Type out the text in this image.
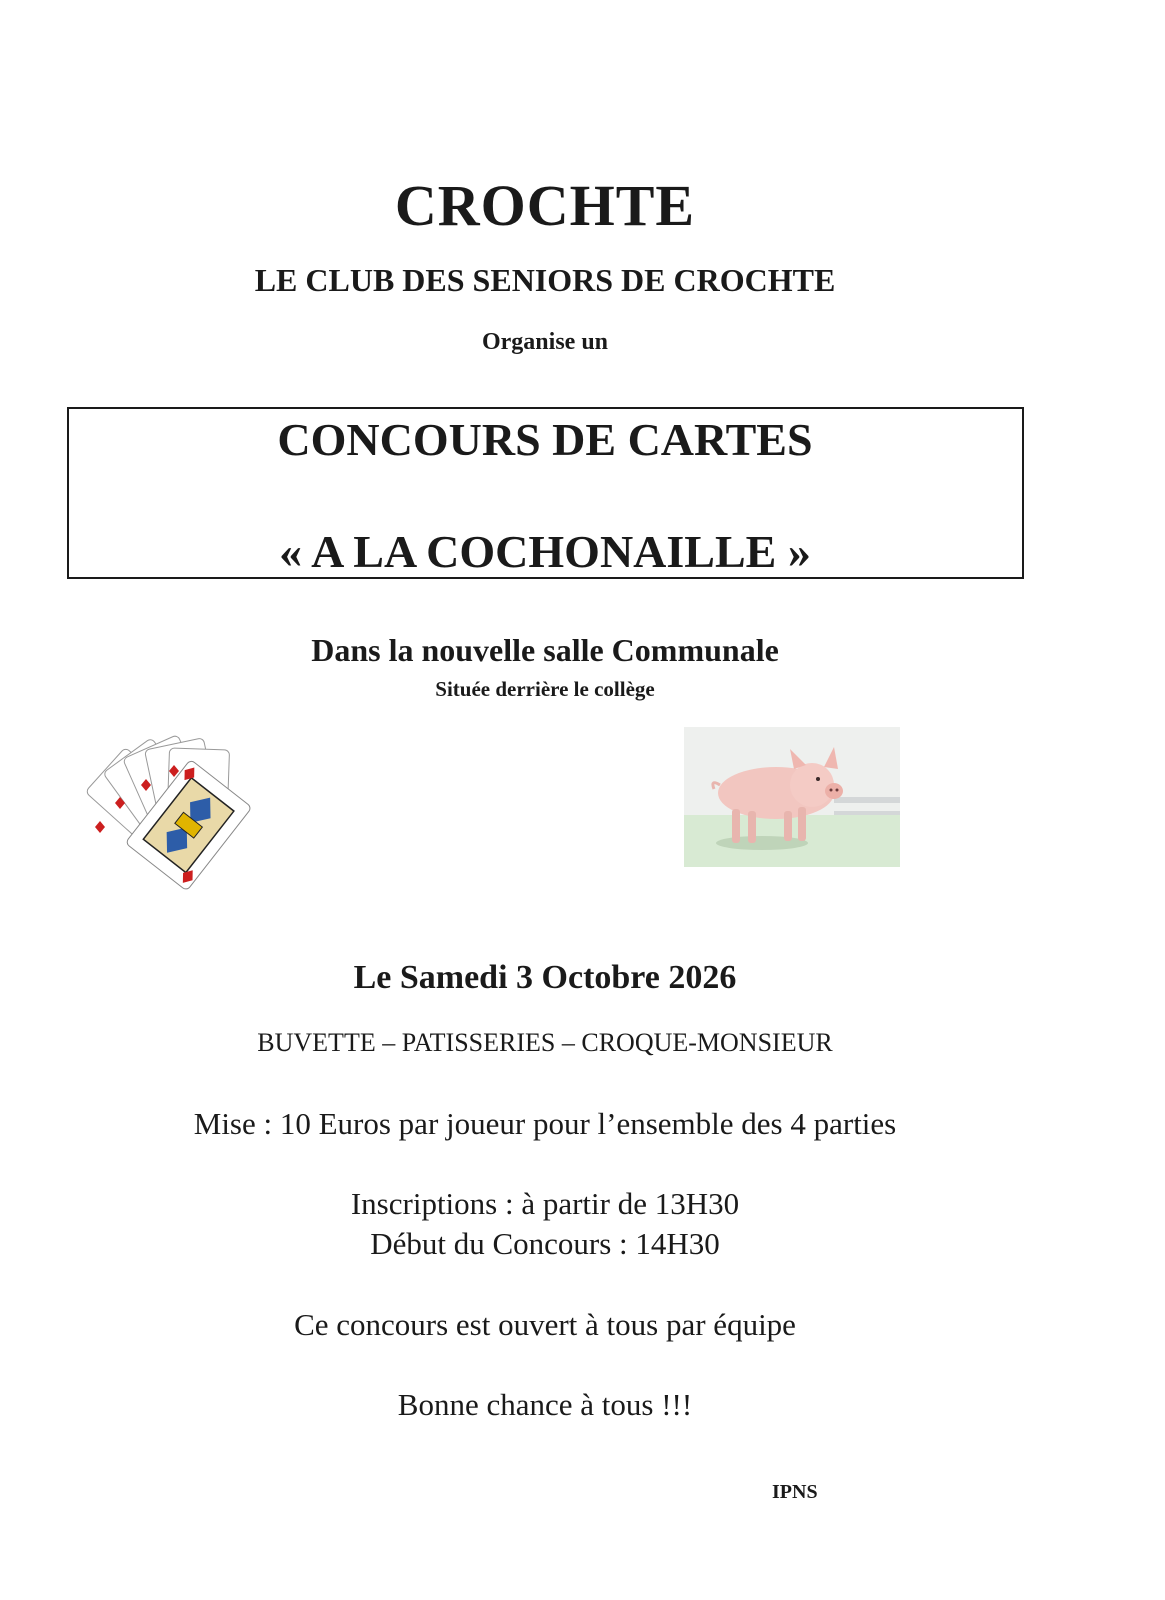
CROCHTE
LE CLUB DES SENIORS DE CROCHTE
Organise un
CONCOURS DE CARTES
« A LA COCHONAILLE »
Dans la nouvelle salle Communale
Située derrière le collège
Le Samedi 3 Octobre 2026
BUVETTE – PATISSERIES – CROQUE-MONSIEUR
Mise : 10 Euros par joueur pour l’ensemble des 4 parties
Inscriptions : à partir de 13H30
Début du Concours : 14H30
Ce concours est ouvert à tous par équipe
Bonne chance à tous !!!
IPNS
